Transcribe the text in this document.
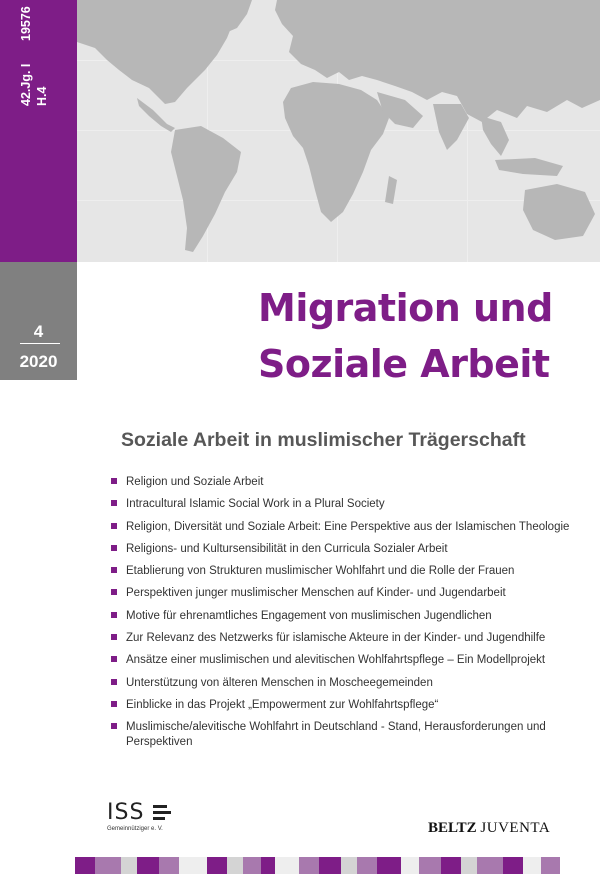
42.Jg. I H.4
19576
4
2020
Migration und
Soziale Arbeit
Soziale Arbeit in muslimischer Trägerschaft
Religion und Soziale Arbeit
Intracultural Islamic Social Work in a Plural Society
Religion, Diversität und Soziale Arbeit: Eine Perspektive aus der Islamischen Theologie
Religions- und Kultursensibilität in den Curricula Sozialer Arbeit
Etablierung von Strukturen muslimischer Wohlfahrt und die Rolle der Frauen
Perspektiven junger muslimischer Menschen auf Kinder- und Jugendarbeit
Motive für ehrenamtliches Engagement von muslimischen Jugendlichen
Zur Relevanz des Netzwerks für islamische Akteure in der Kinder- und Jugendhilfe
Ansätze einer muslimischen und alevitischen Wohlfahrtspflege – Ein Modellprojekt
Unterstützung von älteren Menschen in Moscheegemeinden
Einblicke in das Projekt „Empowerment zur Wohlfahrtspflege“
Muslimische/alevitische Wohlfahrt in Deutschland - Stand, Herausforderungen und Perspektiven
ISS
Gemeinnütziger e. V.	BELTZ JUVENTA
